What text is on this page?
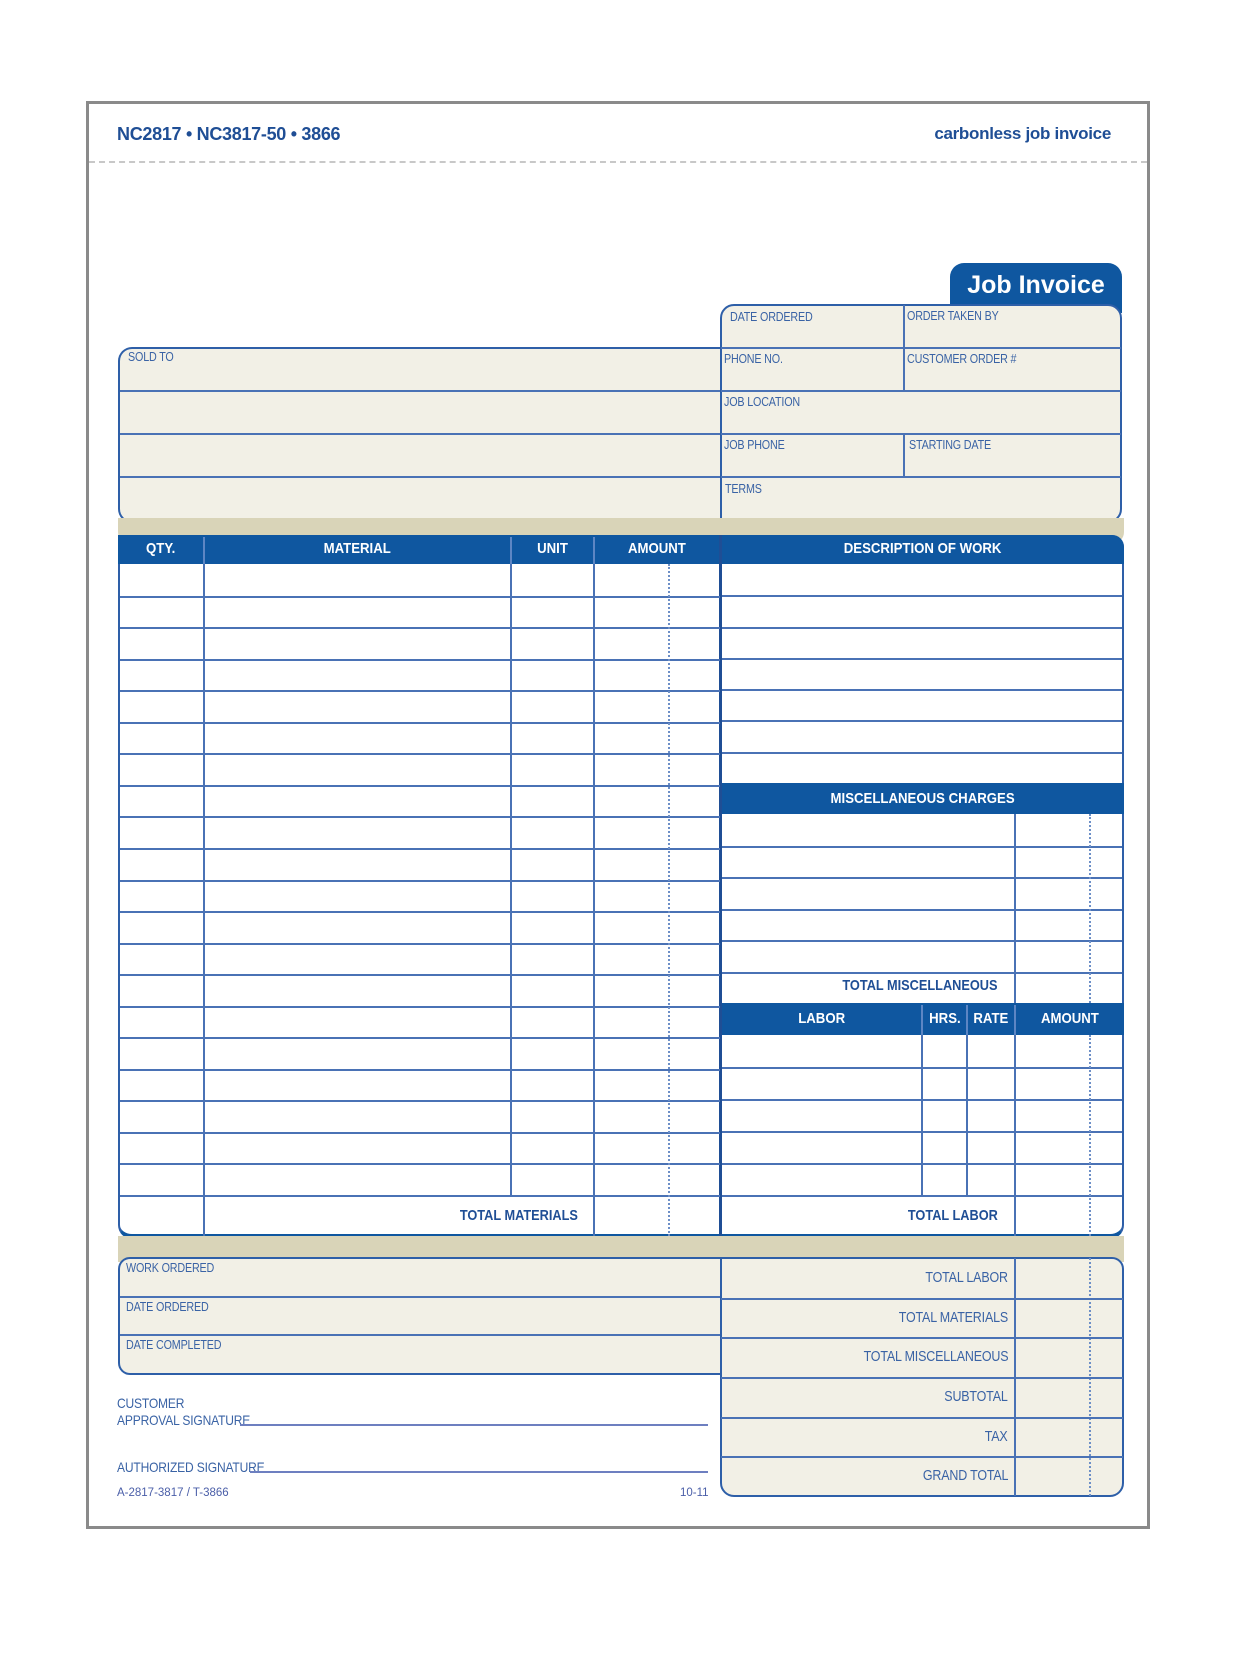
NC2817 • NC3817-50 • 3866	carbonless job invoice
Job Invoice
SOLD TO
DATE ORDERED	ORDER TAKEN BY
PHONE NO.	CUSTOMER ORDER #
JOB LOCATION
JOB PHONE	STARTING DATE
TERMS
QTY.	MATERIAL	UNIT	AMOUNT	DESCRIPTION OF WORK
MISCELLANEOUS CHARGES
TOTAL MISCELLANEOUS
LABOR	HRS. RATE	AMOUNT
TOTAL MATERIALS	TOTAL LABOR
WORK ORDERED
DATE ORDERED
DATE COMPLETED
TOTAL LABOR
TOTAL MATERIALS
TOTAL MISCELLANEOUS
SUBTOTAL
TAX
GRAND TOTAL
CUSTOMER
APPROVAL SIGNATURE
AUTHORIZED SIGNATURE
A-2817-3817 / T-3866	10-11
